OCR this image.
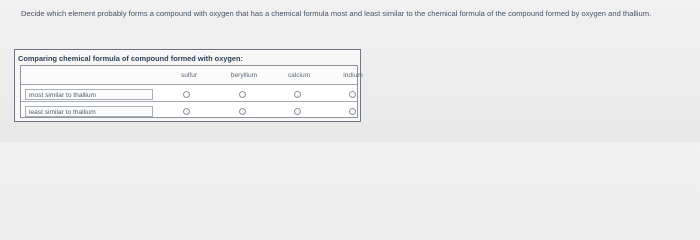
Decide which element probably forms a compound with oxygen that has a chemical formula most and least similar to the chemical formula of the compound formed by oxygen and thallium.
Comparing chemical formula of compound formed with oxygen:
sulfur	beryllium	calcium	indium
most similar to thallium
least similar to thallium
